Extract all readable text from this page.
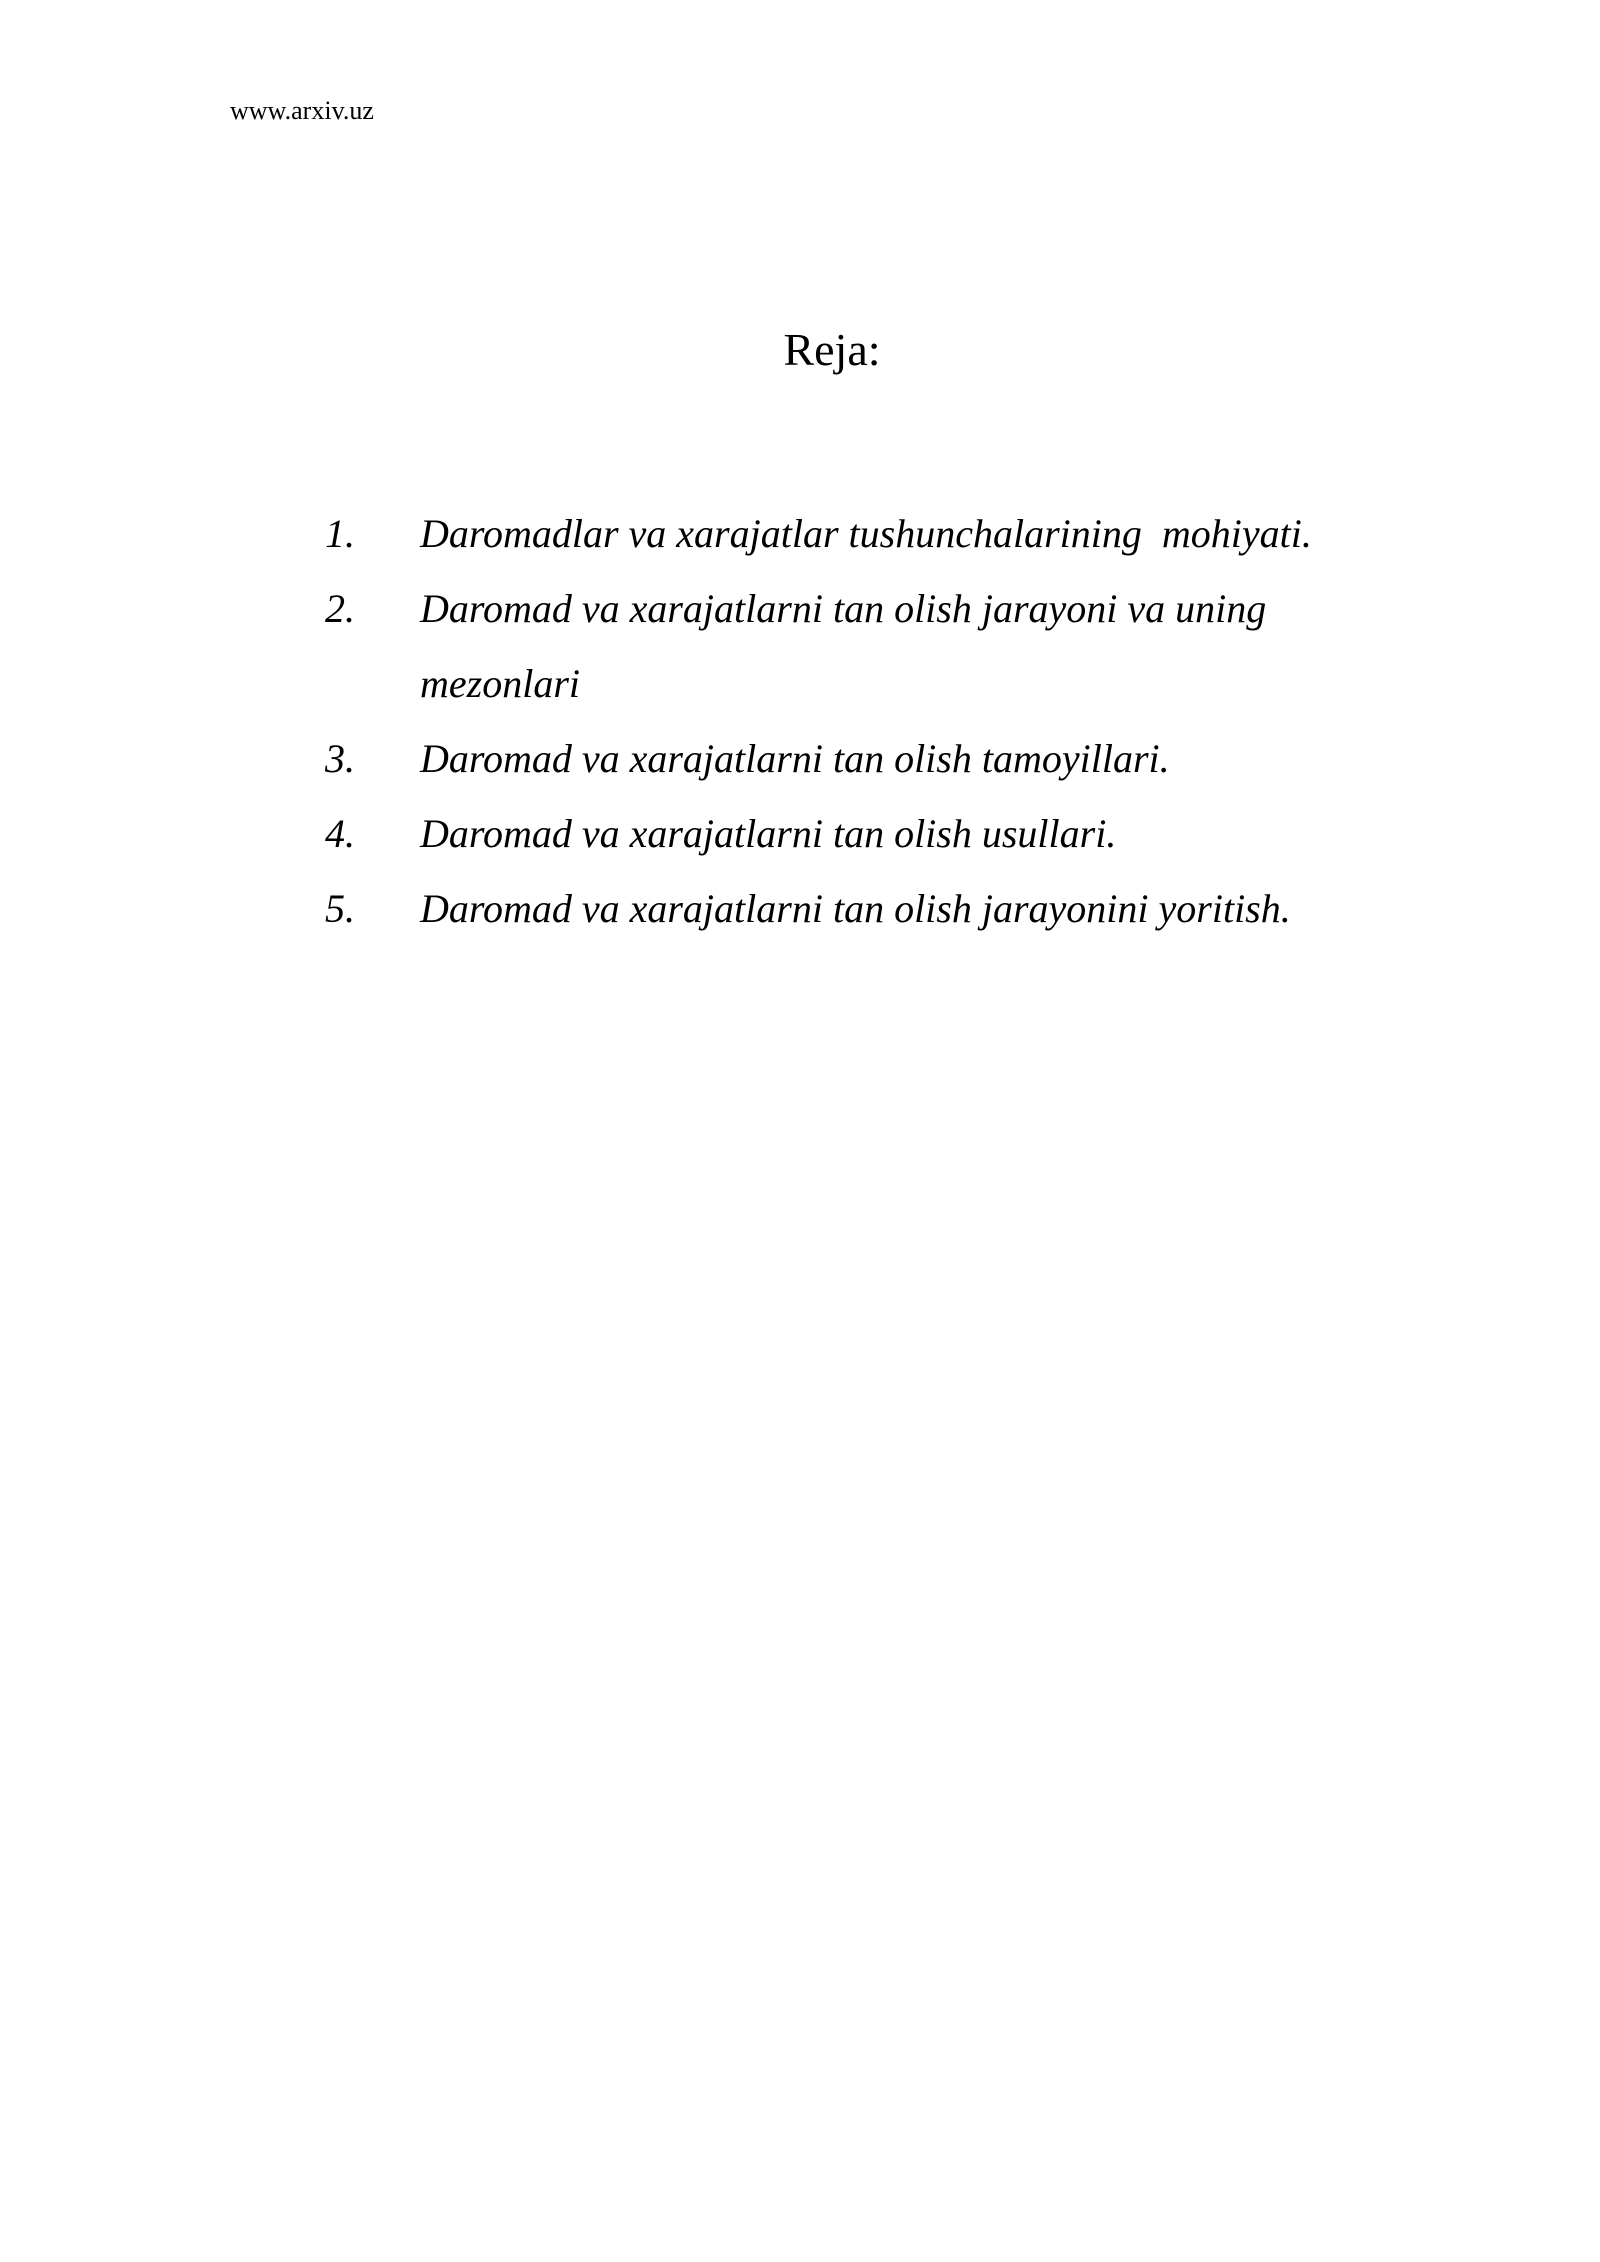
www.arxiv.uz
Reja:
1. Daromadlar va xarajatlar tushunchalarining  mohiyati.
2. Daromad va xarajatlarni tan olish jarayoni va uning
mezonlari
3. Daromad va xarajatlarni tan olish tamoyillari.
4. Daromad va xarajatlarni tan olish usullari.
5. Daromad va xarajatlarni tan olish jarayonini yoritish.
